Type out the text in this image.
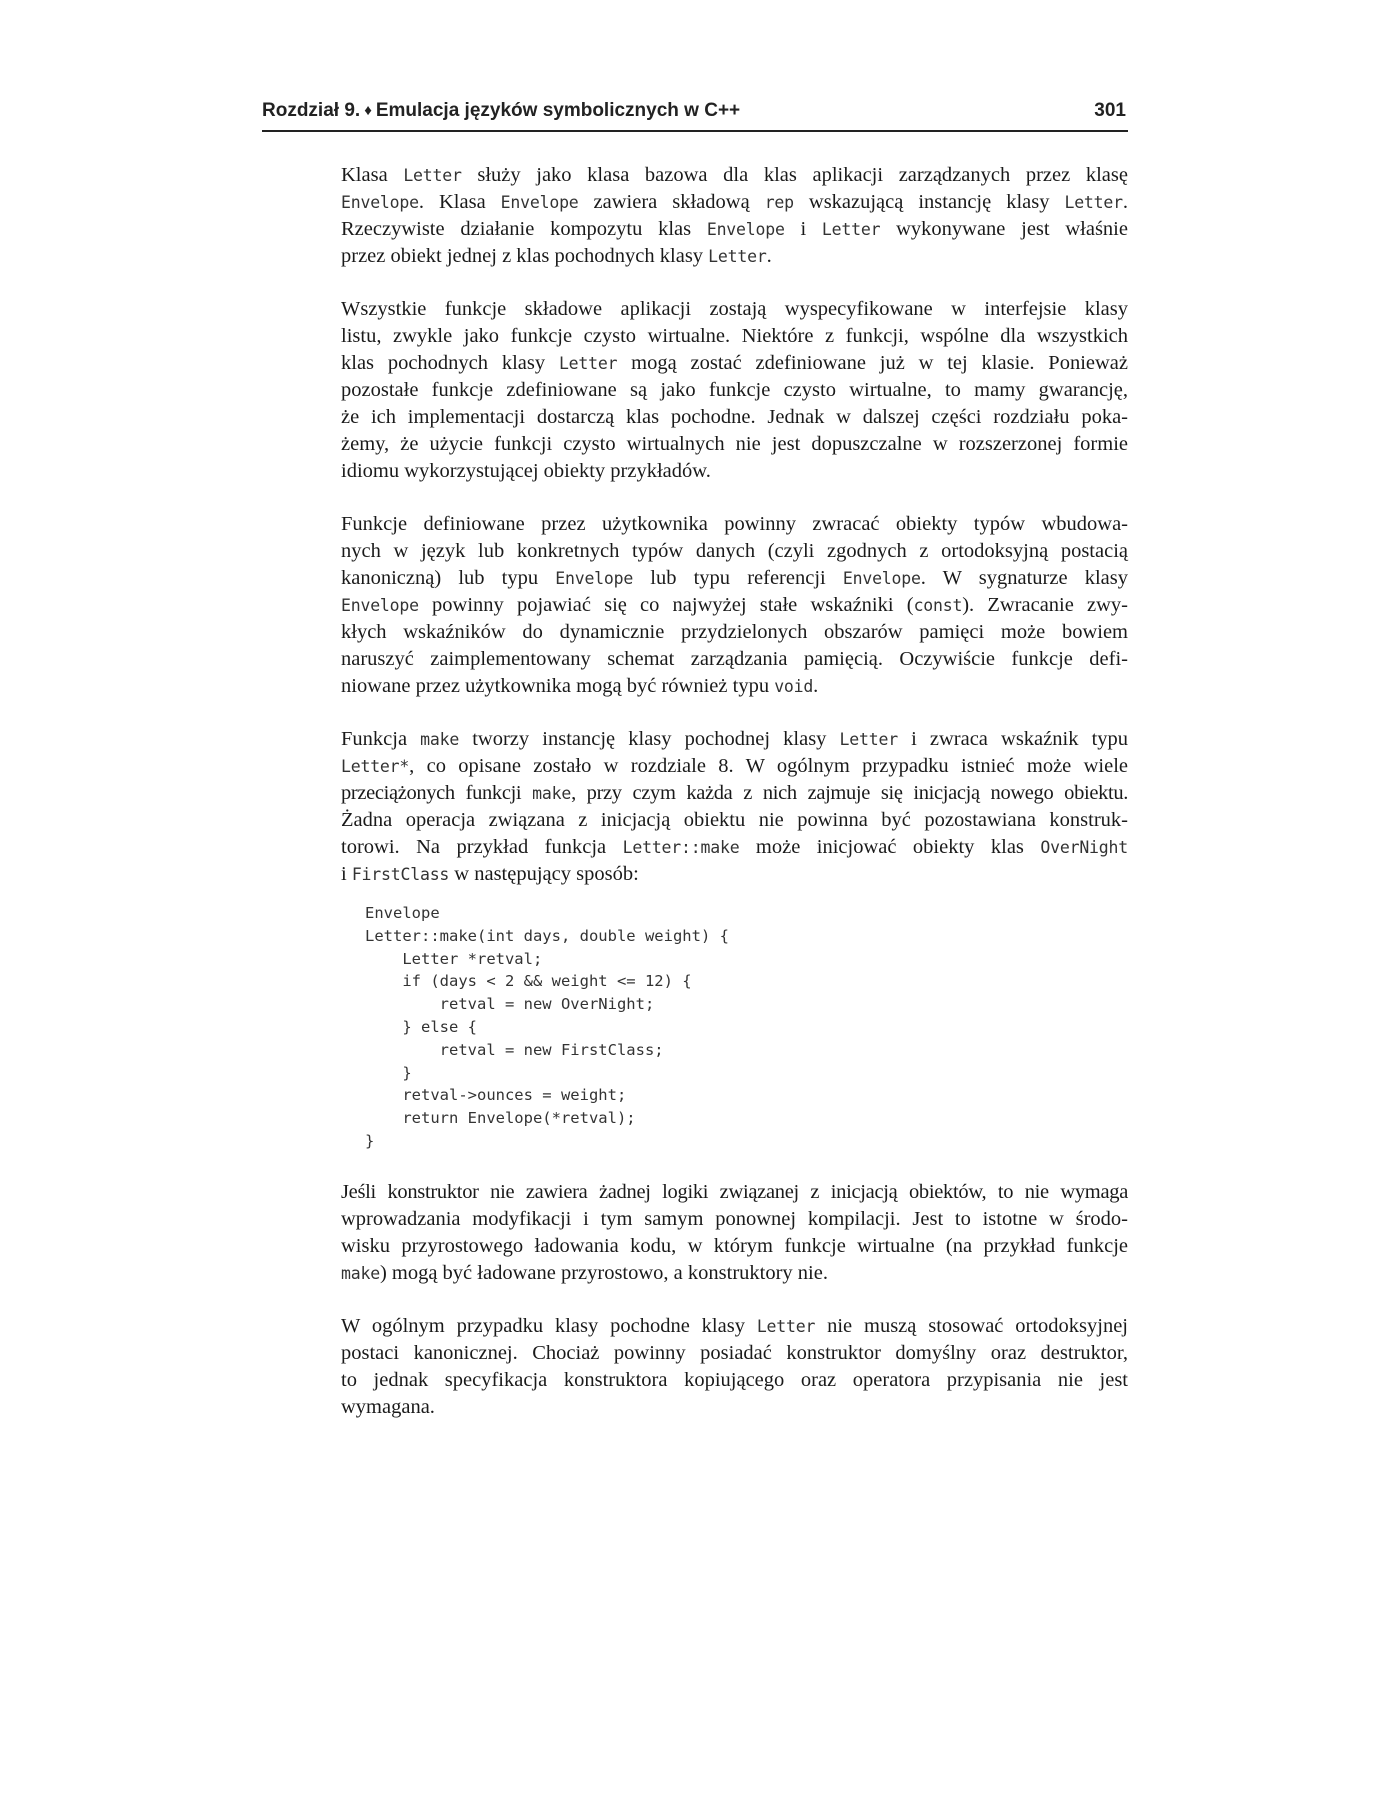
Rozdział 9. ♦ Emulacja języków symbolicznych w C++	301

Klasa Letter służy jako klasa bazowa dla klas aplikacji zarządzanych przez klasę
Envelope. Klasa Envelope zawiera składową rep wskazującą instancję klasy Letter.
Rzeczywiste działanie kompozytu klas Envelope i Letter wykonywane jest właśnie
przez obiekt jednej z klas pochodnych klasy Letter.

Wszystkie funkcje składowe aplikacji zostają wyspecyfikowane w interfejsie klasy
listu, zwykle jako funkcje czysto wirtualne. Niektóre z funkcji, wspólne dla wszystkich
klas pochodnych klasy Letter mogą zostać zdefiniowane już w tej klasie. Ponieważ
pozostałe funkcje zdefiniowane są jako funkcje czysto wirtualne, to mamy gwarancję,
że ich implementacji dostarczą klas pochodne. Jednak w dalszej części rozdziału poka-
żemy, że użycie funkcji czysto wirtualnych nie jest dopuszczalne w rozszerzonej formie
idiomu wykorzystującej obiekty przykładów.

Funkcje definiowane przez użytkownika powinny zwracać obiekty typów wbudowa-
nych w język lub konkretnych typów danych (czyli zgodnych z ortodoksyjną postacią
kanoniczną) lub typu Envelope lub typu referencji Envelope. W sygnaturze klasy
Envelope powinny pojawiać się co najwyżej stałe wskaźniki (const). Zwracanie zwy-
kłych wskaźników do dynamicznie przydzielonych obszarów pamięci może bowiem
naruszyć zaimplementowany schemat zarządzania pamięcią. Oczywiście funkcje defi-
niowane przez użytkownika mogą być również typu void.

Funkcja make tworzy instancję klasy pochodnej klasy Letter i zwraca wskaźnik typu
Letter*, co opisane zostało w rozdziale 8. W ogólnym przypadku istnieć może wiele
przeciążonych funkcji make, przy czym każda z nich zajmuje się inicjacją nowego obiektu.
Żadna operacja związana z inicjacją obiektu nie powinna być pozostawiana konstruk-
torowi. Na przykład funkcja Letter::make może inicjować obiekty klas OverNight
i FirstClass w następujący sposób:

Envelope
Letter::make(int days, double weight) {
Letter *retval;
if (days < 2 && weight <= 12) {
retval = new OverNight;
} else {
retval = new FirstClass;
}
retval->ounces = weight;
return Envelope(*retval);
}

Jeśli konstruktor nie zawiera żadnej logiki związanej z inicjacją obiektów, to nie wymaga
wprowadzania modyfikacji i tym samym ponownej kompilacji. Jest to istotne w środo-
wisku przyrostowego ładowania kodu, w którym funkcje wirtualne (na przykład funkcje
make) mogą być ładowane przyrostowo, a konstruktory nie.

W ogólnym przypadku klasy pochodne klasy Letter nie muszą stosować ortodoksyjnej
postaci kanonicznej. Chociaż powinny posiadać konstruktor domyślny oraz destruktor,
to jednak specyfikacja konstruktora kopiującego oraz operatora przypisania nie jest
wymagana.
